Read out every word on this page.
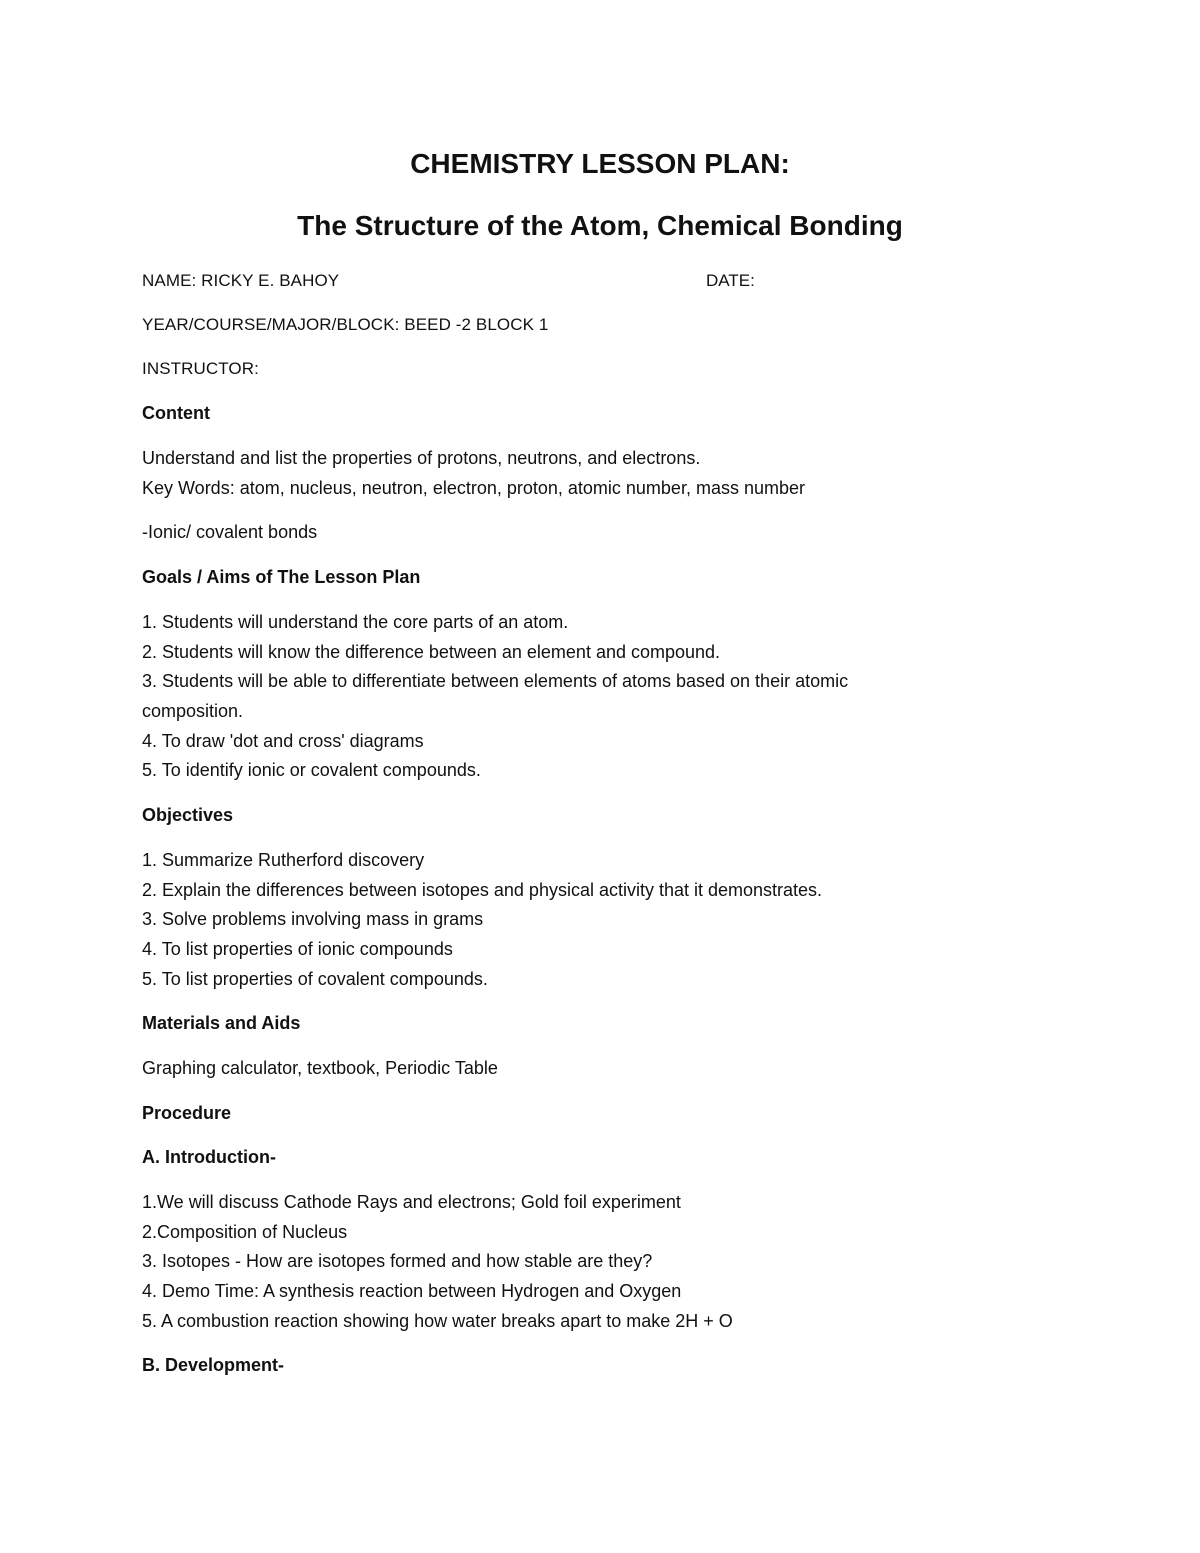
CHEMISTRY LESSON PLAN:
The Structure of the Atom, Chemical Bonding
NAME: RICKY E. BAHOY	DATE:
YEAR/COURSE/MAJOR/BLOCK: BEED -2 BLOCK 1
INSTRUCTOR:
Content
Understand and list the properties of protons, neutrons, and electrons.
Key Words: atom, nucleus, neutron, electron, proton, atomic number, mass number
-Ionic/ covalent bonds
Goals / Aims of The Lesson Plan
1. Students will understand the core parts of an atom.
2. Students will know the difference between an element and compound.
3. Students will be able to differentiate between elements of atoms based on their atomic
composition.
4. To draw 'dot and cross' diagrams
5. To identify ionic or covalent compounds.
Objectives
1. Summarize Rutherford discovery
2. Explain the differences between isotopes and physical activity that it demonstrates.
3. Solve problems involving mass in grams
4. To list properties of ionic compounds
5. To list properties of covalent compounds.
Materials and Aids
Graphing calculator, textbook, Periodic Table
Procedure
A. Introduction-
1.We will discuss Cathode Rays and electrons; Gold foil experiment
2.Composition of Nucleus
3. Isotopes - How are isotopes formed and how stable are they?
4. Demo Time: A synthesis reaction between Hydrogen and Oxygen
5. A combustion reaction showing how water breaks apart to make 2H + O
B. Development-
